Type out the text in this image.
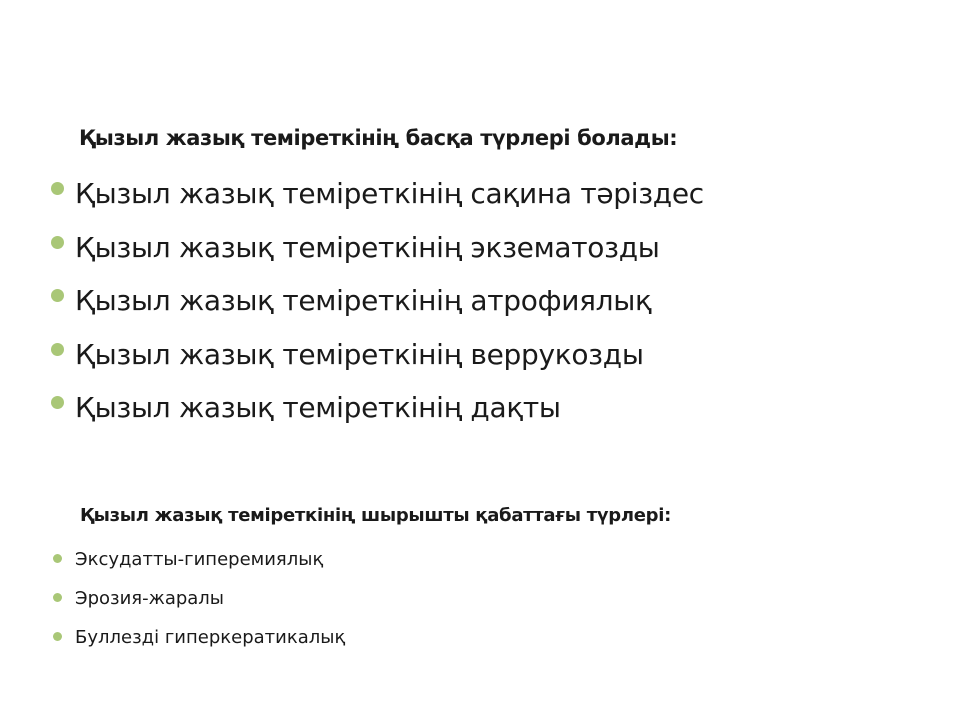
Қызыл жазық теміреткінің басқа түрлері болады:
Қызыл жазық теміреткінің сақина тәріздес
Қызыл жазық теміреткінің экзематозды
Қызыл жазық теміреткінің атрофиялық
Қызыл жазық теміреткінің веррукозды
Қызыл жазық теміреткінің дақты
Қызыл жазық теміреткінің шырышты қабаттағы түрлері:
Эксудатты-гиперемиялық
Эрозия-жаралы
Буллезді гиперкератикалық
